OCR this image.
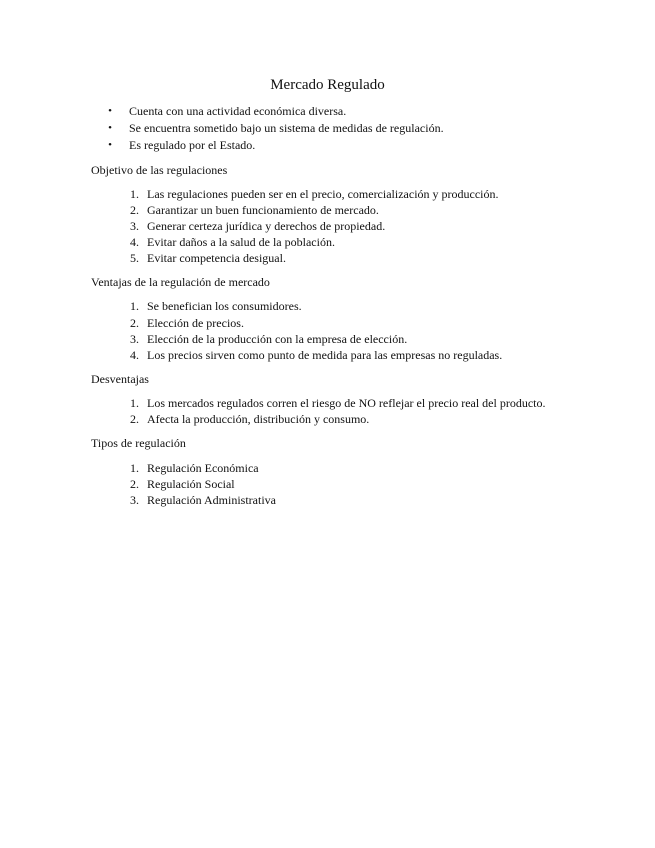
Mercado Regulado
•	Cuenta con una actividad económica diversa.
•	Se encuentra sometido bajo un sistema de medidas de regulación.
•	Es regulado por el Estado.
Objetivo de las regulaciones
1. Las regulaciones pueden ser en el precio, comercialización y producción.
2. Garantizar un buen funcionamiento de mercado.
3. Generar certeza jurídica y derechos de propiedad.
4. Evitar daños a la salud de la población.
5. Evitar competencia desigual.
Ventajas de la regulación de mercado
1. Se benefician los consumidores.
2. Elección de precios.
3. Elección de la producción con la empresa de elección.
4. Los precios sirven como punto de medida para las empresas no reguladas.
Desventajas
1. Los mercados regulados corren el riesgo de NO reflejar el precio real del producto.
2. Afecta la producción, distribución y consumo.
Tipos de regulación
1. Regulación Económica
2. Regulación Social
3. Regulación Administrativa
